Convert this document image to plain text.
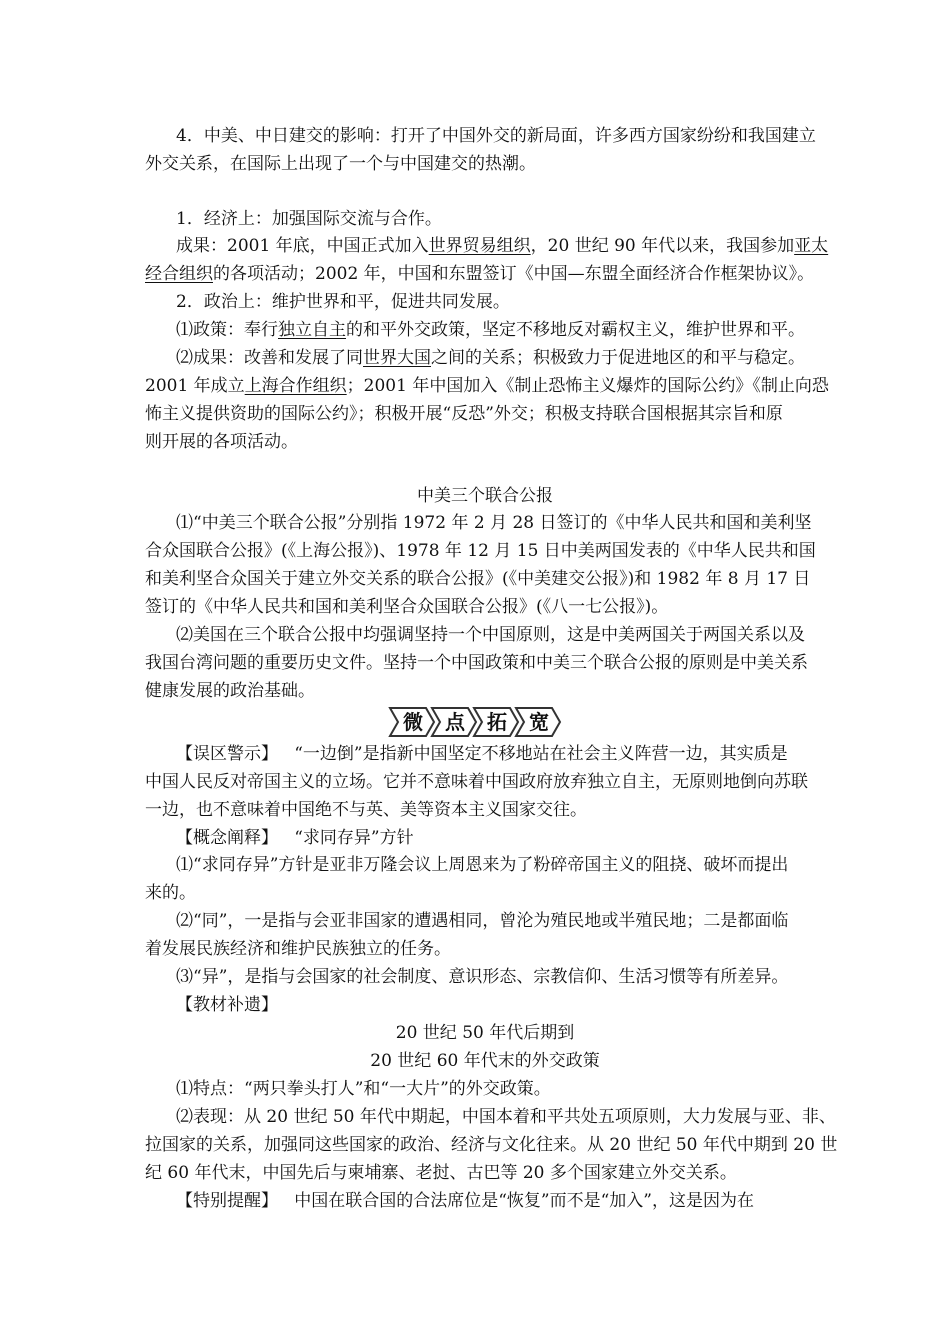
4．中美、中日建交的影响：打开了中国外交的新局面，许多西方国家纷纷和我国建立
外交关系，在国际上出现了一个与中国建交的热潮。
1．经济上：加强国际交流与合作。
成果：2001 年底，中国正式加入世界贸易组织，20 世纪 90 年代以来，我国参加亚太
经合组织的各项活动；2002 年，中国和东盟签订《中国—东盟全面经济合作框架协议》。
2．政治上：维护世界和平，促进共同发展。
⑴政策：奉行独立自主的和平外交政策，坚定不移地反对霸权主义，维护世界和平。
⑵成果：改善和发展了同世界大国之间的关系；积极致力于促进地区的和平与稳定。
2001 年成立上海合作组织；2001 年中国加入《制止恐怖主义爆炸的国际公约》《制止向恐
怖主义提供资助的国际公约》；积极开展“反恐”外交；积极支持联合国根据其宗旨和原
则开展的各项活动。
中美三个联合公报
⑴“中美三个联合公报”分别指 1972 年 2 月 28 日签订的《中华人民共和国和美利坚
合众国联合公报》(《上海公报》)、1978 年 12 月 15 日中美两国发表的《中华人民共和国
和美利坚合众国关于建立外交关系的联合公报》(《中美建交公报》)和 1982 年 8 月 17 日
签订的《中华人民共和国和美利坚合众国联合公报》(《八一七公报》)。
⑵美国在三个联合公报中均强调坚持一个中国原则，这是中美两国关于两国关系以及
我国台湾问题的重要历史文件。坚持一个中国政策和中美三个联合公报的原则是中美关系
健康发展的政治基础。
微	点	拓	宽
【误区警示】 “一边倒”是指新中国坚定不移地站在社会主义阵营一边，其实质是
中国人民反对帝国主义的立场。它并不意味着中国政府放弃独立自主，无原则地倒向苏联
一边，也不意味着中国绝不与英、美等资本主义国家交往。
【概念阐释】 “求同存异”方针
⑴“求同存异”方针是亚非万隆会议上周恩来为了粉碎帝国主义的阻挠、破坏而提出
来的。
⑵“同”，一是指与会亚非国家的遭遇相同，曾沦为殖民地或半殖民地；二是都面临
着发展民族经济和维护民族独立的任务。
⑶“异”，是指与会国家的社会制度、意识形态、宗教信仰、生活习惯等有所差异。
【教材补遗】
20 世纪 50 年代后期到
20 世纪 60 年代末的外交政策
⑴特点：“两只拳头打人”和“一大片”的外交政策。
⑵表现：从 20 世纪 50 年代中期起，中国本着和平共处五项原则，大力发展与亚、非、
拉国家的关系，加强同这些国家的政治、经济与文化往来。从 20 世纪 50 年代中期到 20 世
纪 60 年代末，中国先后与柬埔寨、老挝、古巴等 20 多个国家建立外交关系。
【特别提醒】 中国在联合国的合法席位是“恢复”而不是“加入”，这是因为在
